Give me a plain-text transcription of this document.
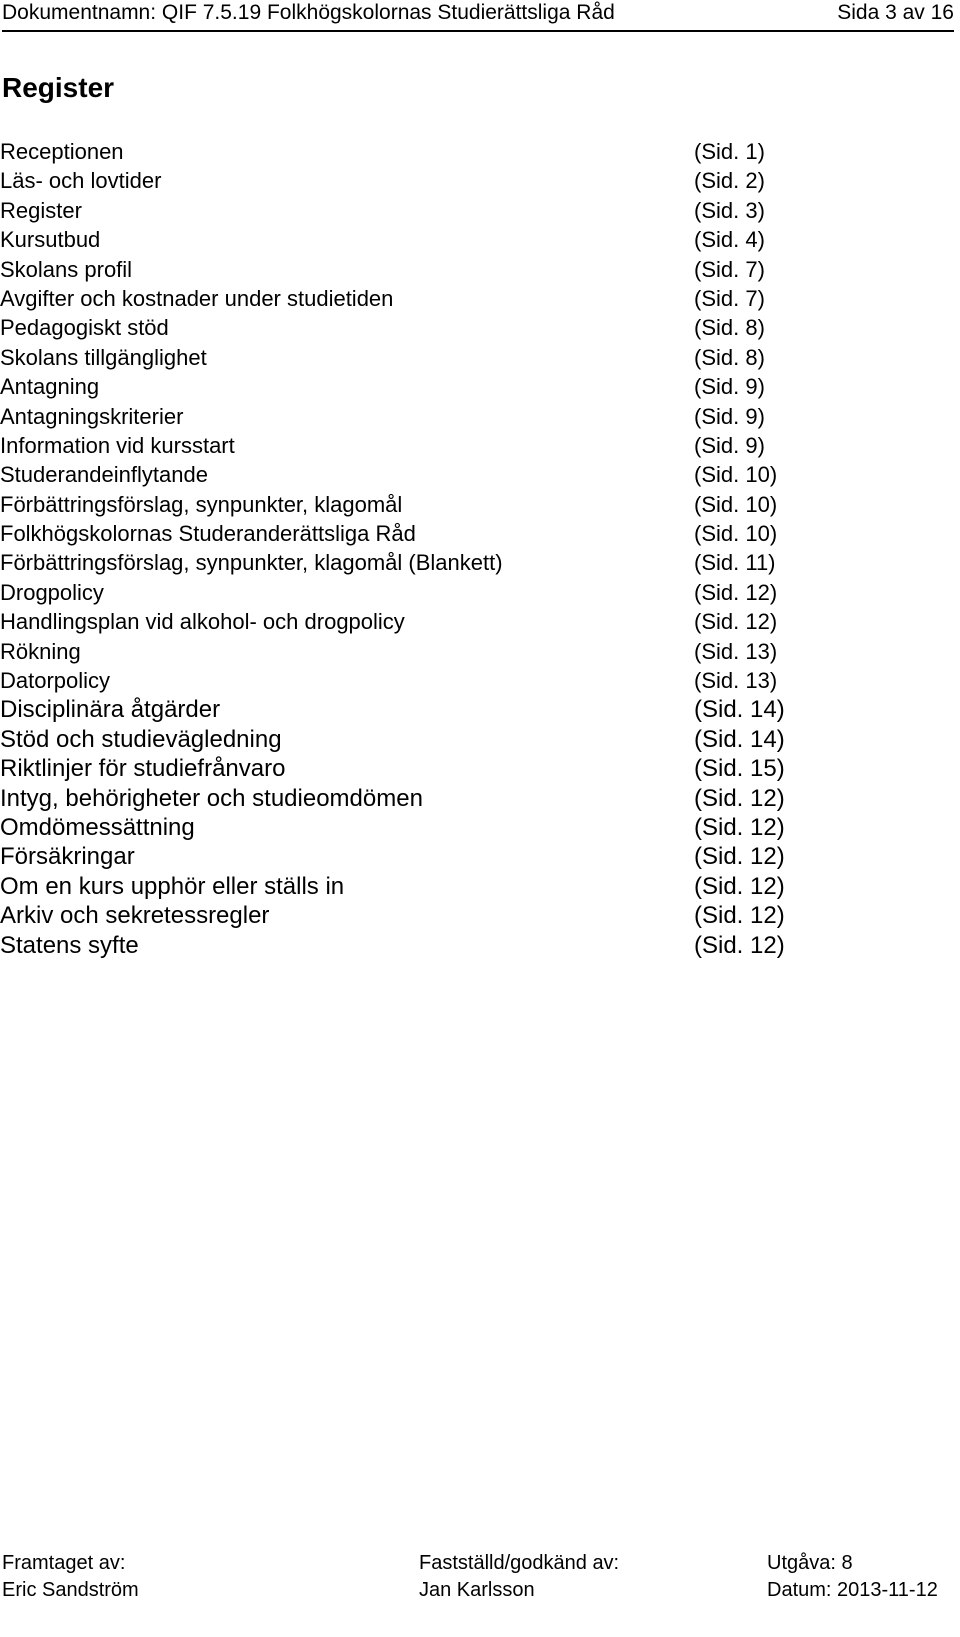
Dokumentnamn: QIF 7.5.19 Folkhögskolornas Studierättsliga Råd	Sida 3 av 16
Register
Receptionen	(Sid. 1)
Läs- och lovtider	(Sid. 2)
Register	(Sid. 3)
Kursutbud	(Sid. 4)
Skolans profil	(Sid. 7)
Avgifter och kostnader under studietiden	(Sid. 7)
Pedagogiskt stöd	(Sid. 8)
Skolans tillgänglighet	(Sid. 8)
Antagning	(Sid. 9)
Antagningskriterier	(Sid. 9)
Information vid kursstart	(Sid. 9)
Studerandeinflytande	(Sid. 10)
Förbättringsförslag, synpunkter, klagomål	(Sid. 10)
Folkhögskolornas Studeranderättsliga Råd	(Sid. 10)
Förbättringsförslag, synpunkter, klagomål (Blankett)	(Sid. 11)
Drogpolicy	(Sid. 12)
Handlingsplan vid alkohol- och drogpolicy	(Sid. 12)
Rökning	(Sid. 13)
Datorpolicy	(Sid. 13)
Disciplinära åtgärder	(Sid. 14)
Stöd och studievägledning	(Sid. 14)
Riktlinjer för studiefrånvaro	(Sid. 15)
Intyg, behörigheter och studieomdömen	(Sid. 12)
Omdömessättning	(Sid. 12)
Försäkringar	(Sid. 12)
Om en kurs upphör eller ställs in	(Sid. 12)
Arkiv och sekretessregler	(Sid. 12)
Statens syfte	(Sid. 12)
Framtaget av:
Eric Sandström
Fastställd/godkänd av:
Jan Karlsson
Utgåva: 8
Datum: 2013-11-12
